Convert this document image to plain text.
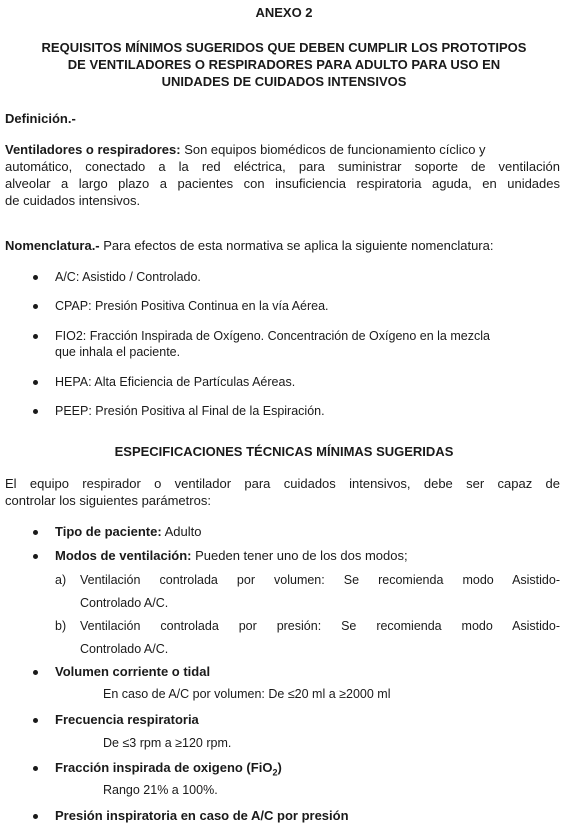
ANEXO 2
REQUISITOS MÍNIMOS SUGERIDOS QUE DEBEN CUMPLIR LOS PROTOTIPOS
DE VENTILADORES O RESPIRADORES PARA ADULTO PARA USO EN
UNIDADES DE CUIDADOS INTENSIVOS
Definición.-
Ventiladores o respiradores: Son equipos biomédicos de funcionamiento cíclico y
automático, conectado a la red eléctrica, para suministrar soporte de ventilación
alveolar a largo plazo a pacientes con insuficiencia respiratoria aguda, en unidades
de cuidados intensivos.
Nomenclatura.- Para efectos de esta normativa se aplica la siguiente nomenclatura:
A/C: Asistido / Controlado.
CPAP: Presión Positiva Continua en la vía Aérea.
FIO2: Fracción Inspirada de Oxígeno. Concentración de Oxígeno en la mezcla
que inhala el paciente.
HEPA: Alta Eficiencia de Partículas Aéreas.
PEEP: Presión Positiva al Final de la Espiración.
ESPECIFICACIONES TÉCNICAS MÍNIMAS SUGERIDAS
El equipo respirador o ventilador para cuidados intensivos, debe ser capaz de
controlar los siguientes parámetros:
Tipo de paciente: Adulto
Modos de ventilación: Pueden tener uno de los dos modos;
a) Ventilación controlada por volumen: Se recomienda modo Asistido-
Controlado A/C.
b) Ventilación controlada por presión: Se recomienda modo Asistido-
Controlado A/C.
Volumen corriente o tidal
En caso de A/C por volumen: De ≤20 ml a ≥2000 ml
Frecuencia respiratoria
De ≤3 rpm a ≥120 rpm.
Fracción inspirada de oxigeno (FiO$_2$)
Rango 21% a 100%.
Presión inspiratoria en caso de A/C por presión
